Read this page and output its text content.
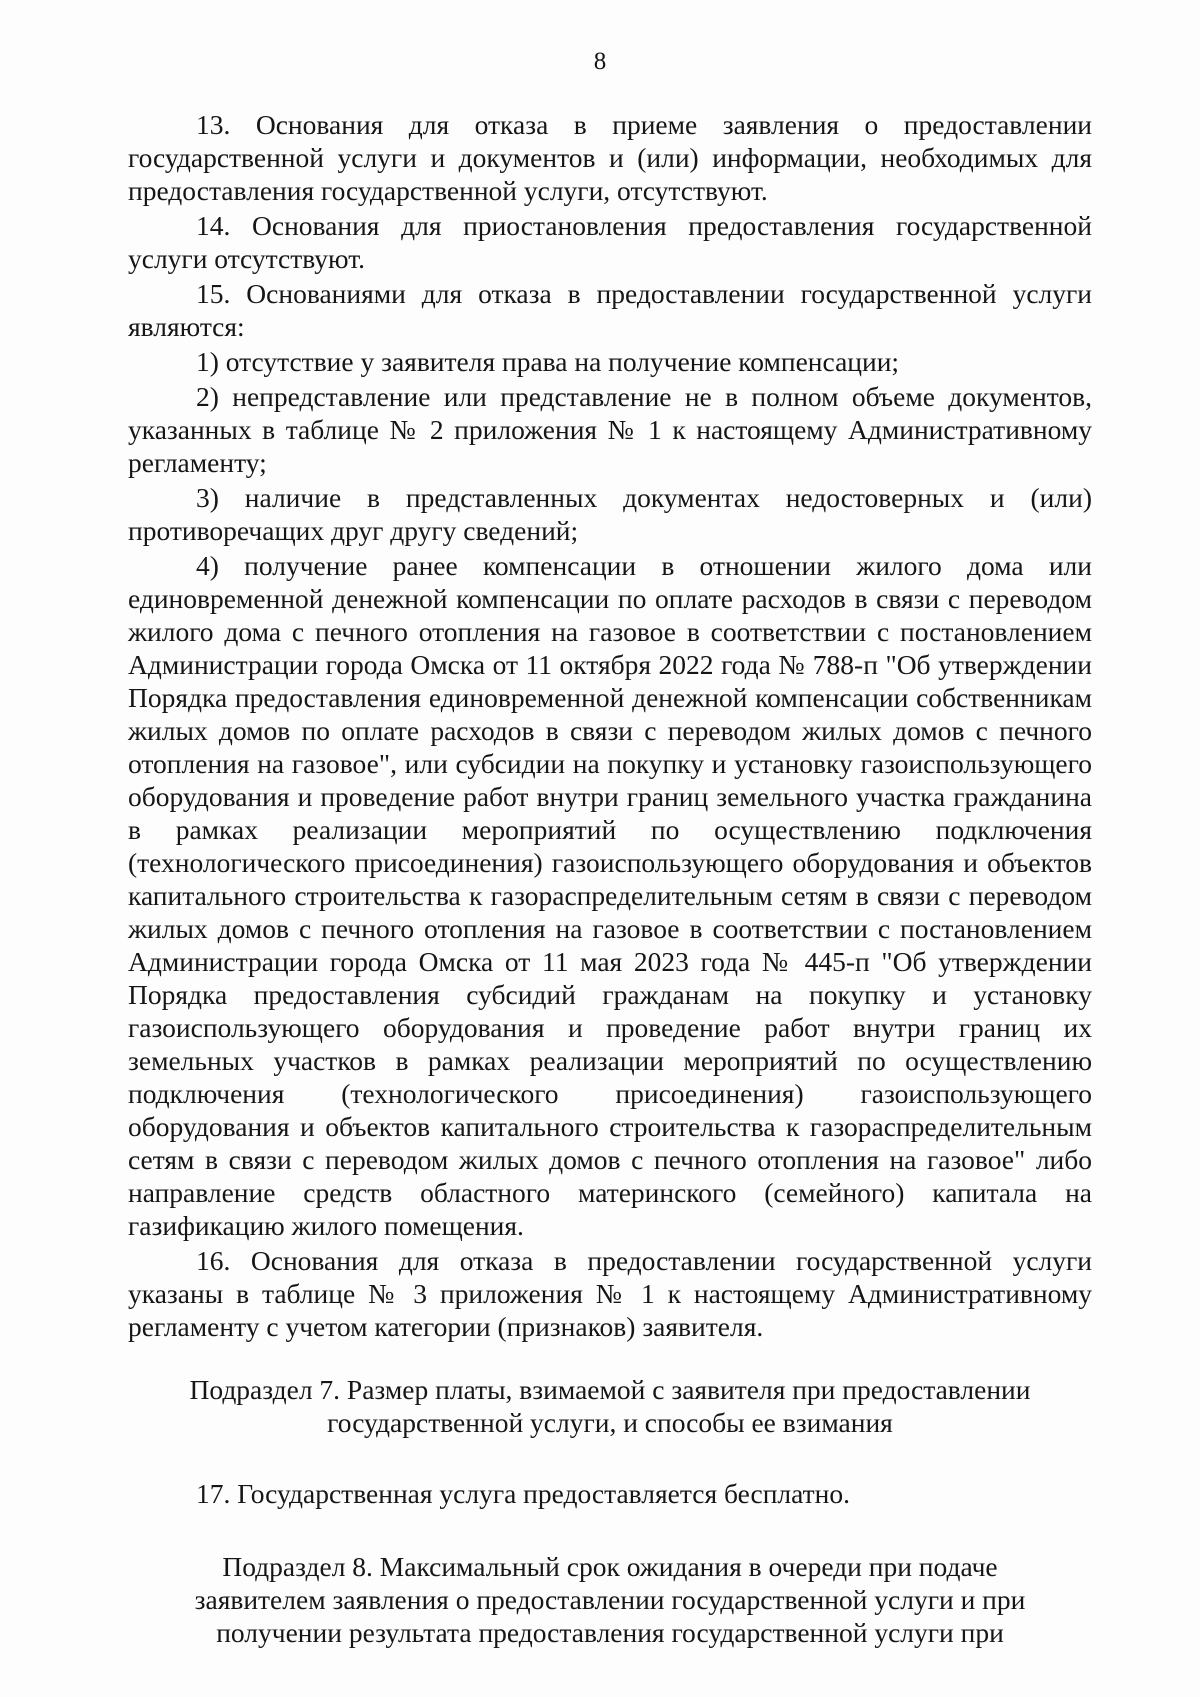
8

13. Основания для отказа в приеме заявления о предоставлении государственной услуги и документов и (или) информации, необходимых для предоставления государственной услуги, отсутствуют.

14. Основания для приостановления предоставления государственной услуги отсутствуют.

15. Основаниями для отказа в предоставлении государственной услуги являются:

1) отсутствие у заявителя права на получение компенсации;

2) непредставление или представление не в полном объеме документов, указанных в таблице № 2 приложения № 1 к настоящему Административному регламенту;

3) наличие в представленных документах недостоверных и (или) противоречащих друг другу сведений;

4) получение ранее компенсации в отношении жилого дома или единовременной денежной компенсации по оплате расходов в связи с переводом жилого дома с печного отопления на газовое в соответствии с постановлением Администрации города Омска от 11 октября 2022 года № 788-п "Об утверждении Порядка предоставления единовременной денежной компенсации собственникам жилых домов по оплате расходов в связи с переводом жилых домов с печного отопления на газовое", или субсидии на покупку и установку газоиспользующего оборудования и проведение работ внутри границ земельного участка гражданина в рамках реализации мероприятий по осуществлению подключения (технологического присоединения) газоиспользующего оборудования и объектов капитального строительства к газораспределительным сетям в связи с переводом жилых домов с печного отопления на газовое в соответствии с постановлением Администрации города Омска от 11 мая 2023 года № 445-п "Об утверждении Порядка предоставления субсидий гражданам на покупку и установку газоиспользующего оборудования и проведение работ внутри границ их земельных участков в рамках реализации мероприятий по осуществлению подключения (технологического присоединения) газоиспользующего оборудования и объектов капитального строительства к газораспределительным сетям в связи с переводом жилых домов с печного отопления на газовое" либо направление средств областного материнского (семейного) капитала на газификацию жилого помещения.

16. Основания для отказа в предоставлении государственной услуги указаны в таблице № 3 приложения № 1 к настоящему Административному регламенту с учетом категории (признаков) заявителя.

Подраздел 7. Размер платы, взимаемой с заявителя при предоставлении государственной услуги, и способы ее взимания

17. Государственная услуга предоставляется бесплатно.

Подраздел 8. Максимальный срок ожидания в очереди при подаче заявителем заявления о предоставлении государственной услуги и при получении результата предоставления государственной услуги при
